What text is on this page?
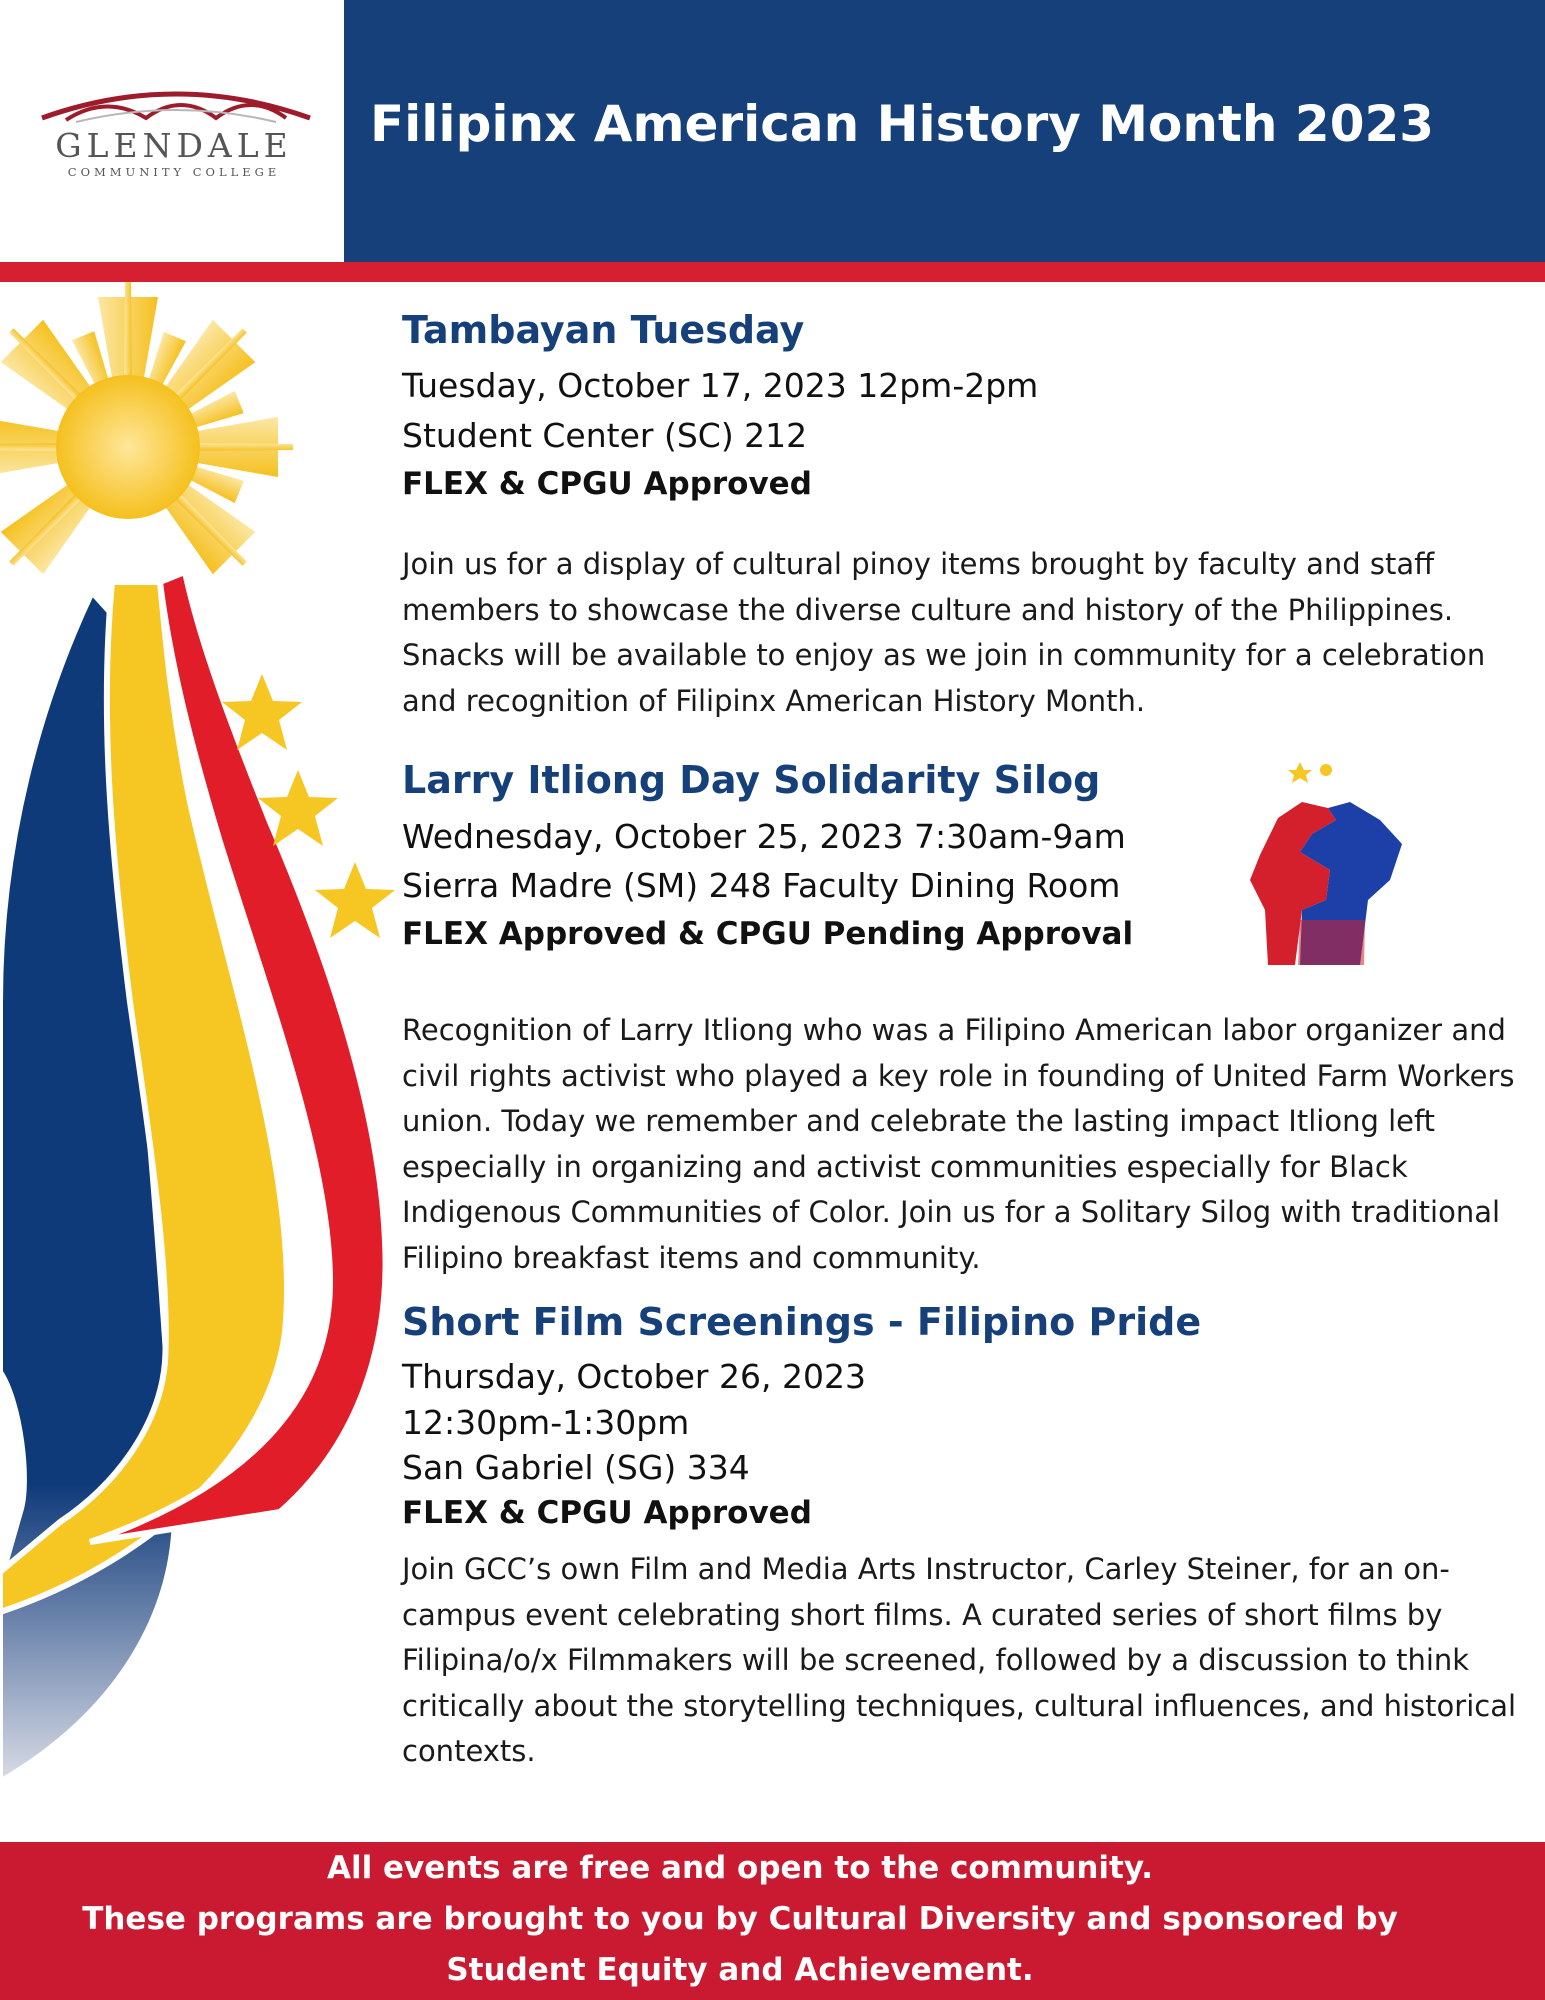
GLENDALE
COMMUNITY COLLEGE
Filipinx American History Month 2023
Tambayan Tuesday
Tuesday, October 17, 2023 12pm-2pm
Student Center (SC) 212
FLEX & CPGU Approved
Join us for a display of cultural pinoy items brought by faculty and staff members to showcase the diverse culture and history of the Philippines. Snacks will be available to enjoy as we join in community for a celebration and recognition of Filipinx American History Month.
Larry Itliong Day Solidarity Silog
Wednesday, October 25, 2023 7:30am-9am
Sierra Madre (SM) 248 Faculty Dining Room
FLEX Approved & CPGU Pending Approval
Recognition of Larry Itliong who was a Filipino American labor organizer and civil rights activist who played a key role in founding of United Farm Workers union. Today we remember and celebrate the lasting impact Itliong left especially in organizing and activist communities especially for Black Indigenous Communities of Color. Join us for a Solitary Silog with traditional Filipino breakfast items and community.
Short Film Screenings - Filipino Pride
Thursday, October 26, 2023
12:30pm-1:30pm
San Gabriel (SG) 334
FLEX & CPGU Approved
Join GCC’s own Film and Media Arts Instructor, Carley Steiner, for an on-campus event celebrating short films. A curated series of short films by Filipina/o/x Filmmakers will be screened, followed by a discussion to think critically about the storytelling techniques, cultural influences, and historical contexts.
All events are free and open to the community.
These programs are brought to you by Cultural Diversity and sponsored by
Student Equity and Achievement.
